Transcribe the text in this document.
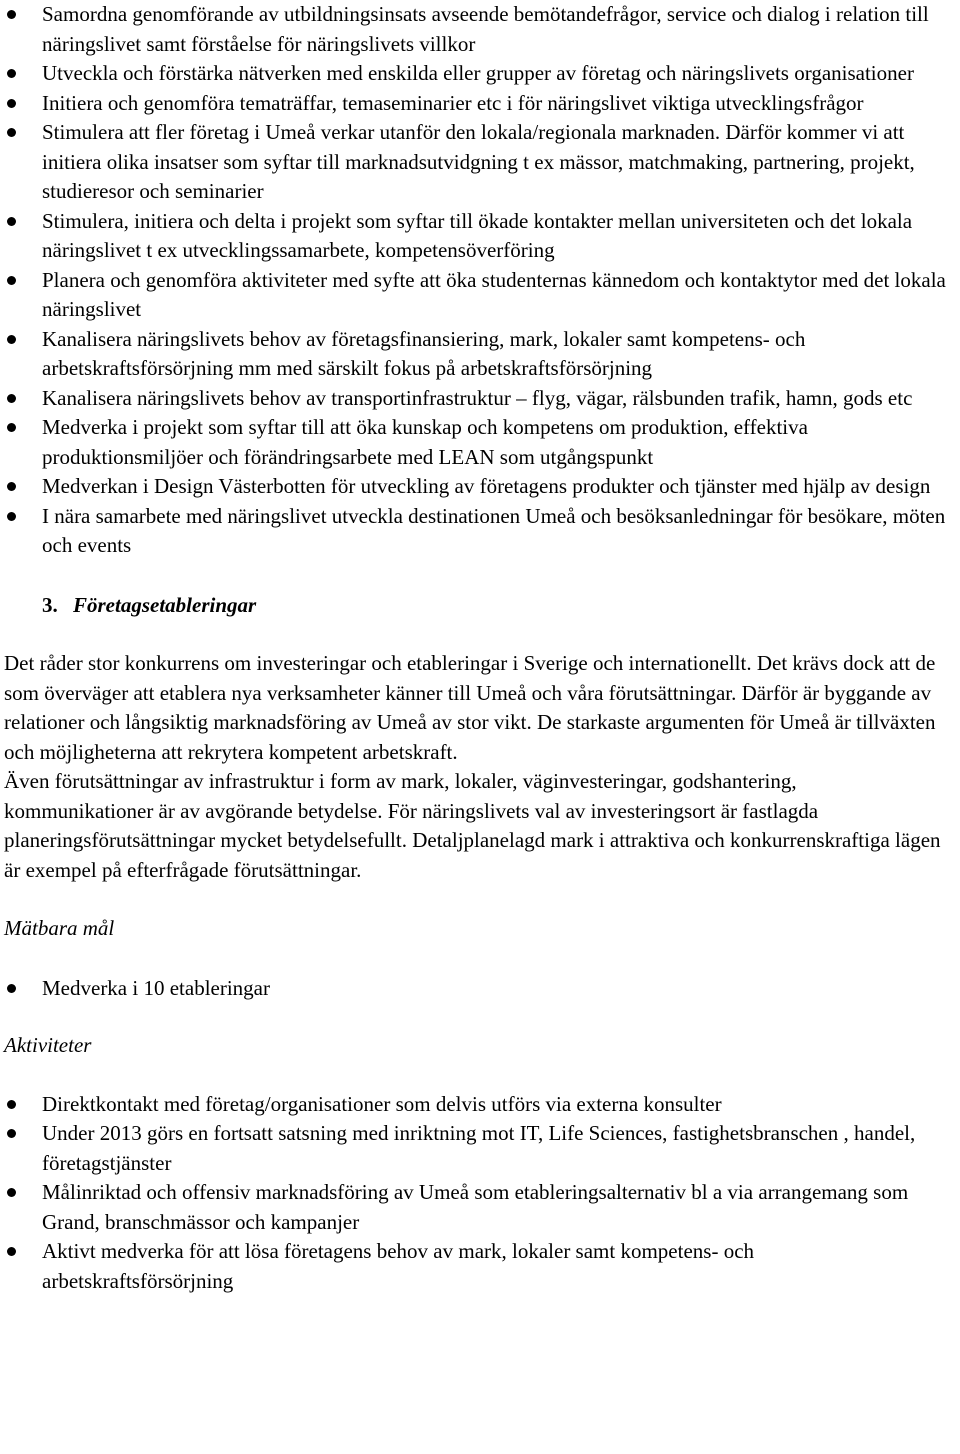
Samordna genomförande av utbildningsinsats avseende bemötandefrågor, service och dialog i relation till näringslivet samt förståelse för näringslivets villkor
Utveckla och förstärka nätverken med enskilda eller grupper av företag och näringslivets organisationer
Initiera och genomföra tematräffar, temaseminarier etc i för näringslivet viktiga utvecklingsfrågor
Stimulera att fler företag i Umeå verkar utanför den lokala/regionala marknaden. Därför kommer vi att initiera olika insatser som syftar till marknadsutvidgning t ex mässor, matchmaking, partnering, projekt, studieresor och seminarier
Stimulera, initiera och delta i projekt som syftar till ökade kontakter mellan universiteten och det lokala näringslivet t ex utvecklingssamarbete, kompetensöverföring
Planera och genomföra aktiviteter med syfte att öka studenternas kännedom och kontaktytor med det lokala näringslivet
Kanalisera näringslivets behov av företagsfinansiering, mark, lokaler samt kompetens- och arbetskraftsförsörjning mm med särskilt fokus på arbetskraftsförsörjning
Kanalisera näringslivets behov av transportinfrastruktur – flyg, vägar, rälsbunden trafik, hamn, gods etc
Medverka i projekt som syftar till att öka kunskap och kompetens om produktion, effektiva produktionsmiljöer och förändringsarbete med LEAN som utgångspunkt
Medverkan i Design Västerbotten för utveckling av företagens produkter och tjänster med hjälp av design
I nära samarbete med näringslivet utveckla destinationen Umeå och besöksanledningar för besökare, möten och events
3. Företagsetableringar

Det råder stor konkurrens om investeringar och etableringar i Sverige och internationellt. Det krävs dock att de som överväger att etablera nya verksamheter känner till Umeå och våra förutsättningar. Därför är byggande av relationer och långsiktig marknadsföring av Umeå av stor vikt. De starkaste argumenten för Umeå är tillväxten och möjligheterna att rekrytera kompetent arbetskraft.

Även förutsättningar av infrastruktur i form av mark, lokaler, väginvesteringar, godshantering, kommunikationer är av avgörande betydelse. För näringslivets val av investeringsort är fastlagda planeringsförutsättningar mycket betydelsefullt. Detaljplanelagd mark i attraktiva och konkurrenskraftiga lägen är exempel på efterfrågade förutsättningar.

Mätbara mål
Medverka i 10 etableringar
Aktiviteter
Direktkontakt med företag/organisationer som delvis utförs via externa konsulter
Under 2013 görs en fortsatt satsning med inriktning mot IT, Life Sciences, fastighetsbranschen , handel, företagstjänster
Målinriktad och offensiv marknadsföring av Umeå som etableringsalternativ bl a via arrangemang som Grand, branschmässor och kampanjer
Aktivt medverka för att lösa företagens behov av mark, lokaler samt kompetens- och arbetskraftsförsörjning
